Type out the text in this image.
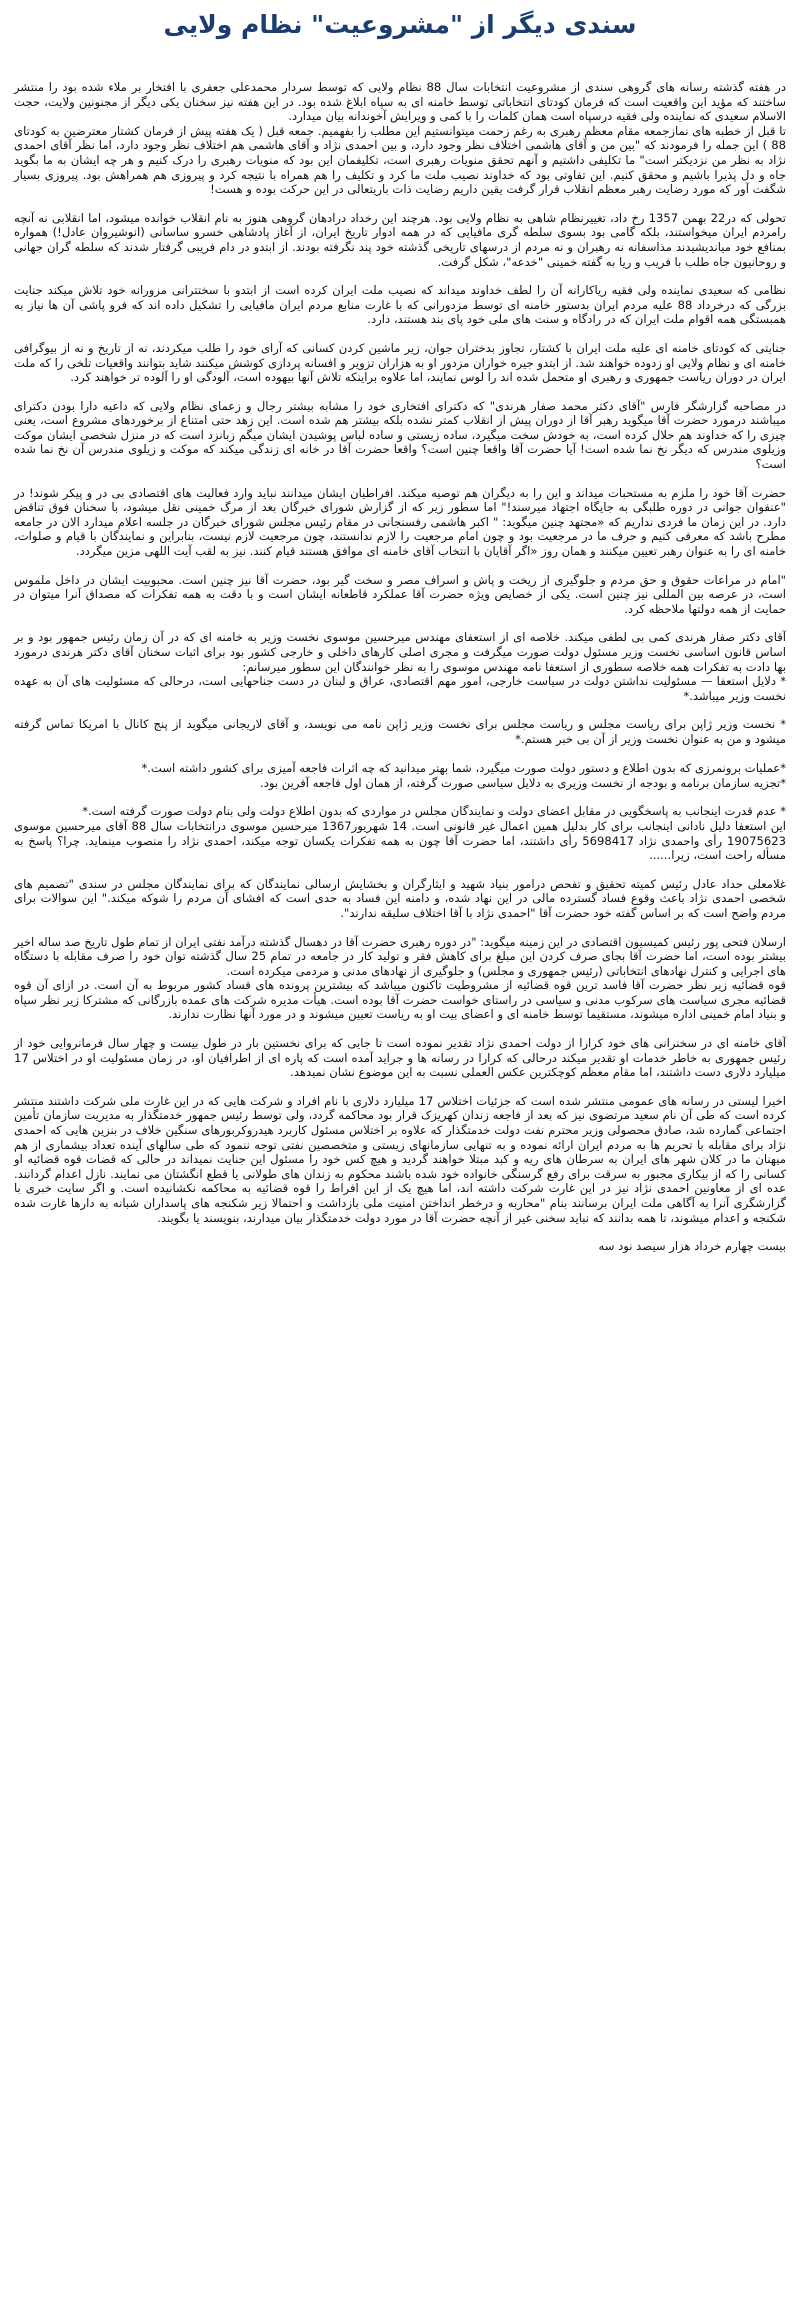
سندی دیگر از "مشروعیت" نظام ولایی

در هفته گذشته رسانه های گروهی سندی از مشروعیت انتخابات سال 88 نظام ولایی که توسط سردار محمدعلی جعفری با افتخار بر ملاء شده بود را منتشر ساختند که مؤید این واقعیت است که فرمان کودتای انتخاباتی توسط خامنه ای به سپاه ابلاغ شده بود. در این هفته نیز سخنان یکی دیگر از مجنونین ولایت، حجت الاسلام سعیدی که نماینده ولی فقیه درسپاه است همان کلمات را با کمی و ویرایش آخوندانه بیان میدارد.
تا قبل از خطبه های نمازجمعه مقام معظم رهبری به رغم زحمت میتوانستیم این مطلب را بفهمیم. جمعه قبل ( یک هفته پیش از فرمان کشتار معترضین به کودتای 88 ) این جمله را فرمودند که "بین من و آقای هاشمی اختلاف نظر وجود دارد، و بین احمدی نژاد و آقای هاشمی هم اختلاف نظر وجود دارد، اما نظر آقای احمدی نژاد به نظر من نزدیکتر است" ما تکلیفی داشتیم و آنهم تحقق منویات رهبری است، تکلیفمان این بود که منویات رهبری را درک کنیم و هر چه ایشان به ما بگوید جاه و دل پذیرا باشیم و محقق کنیم. این تفاوتی بود که خداوند نصیب ملت ما کرد و تکلیف را هم همراه با نتیجه کرد و پیروزی هم همراهش بود. پیروزی بسیار شگفت آور که مورد رضایت رهبر معظم انقلاب قرار گرفت یقین داریم رضایت ذات باریتعالی در این حرکت بوده و هست!

تحولی که در22 بهمن 1357 رخ داد، تغییرنظام شاهی به نظام ولایی بود. هرچند این رخداد درادهان گروهی هنوز به نام انقلاب خوانده میشود، اما انقلابی نه آنچه رامردم ایران میخواستند، بلکه گامی بود بسوی سلطه گری مافیایی که در همه ادوار تاریخ ایران، از آغاز پادشاهی خسرو ساسانی (انوشیروان عادل!) همواره بمنافع خود میاندیشیدند مذاسفانه نه رهبران و نه مردم از درسهای تاریخی گذشته خود پند نگرفته بودند. از ابتدو در دام فریبی گرفتار شدند که سلطه گران جهانی و روحانیون جاه طلب با فریب و ریا به گفته خمینی "خدعه"، شکل گرفت.

نظامی که سعیدی نماینده ولی فقیه ریاکارانه آن را لطف خداوند میداند که نصیب ملت ایران کرده است از ابتدو با سختترانی مزورانه خود تلاش میکند جنایت بزرگی که درخرداد 88 علیه مردم ایران بدستور خامنه ای توسط مزدورانی که با غارت منابع مردم ایران مافیایی را تشکیل داده اند که فرو پاشی آن ها نیاز به همبستگی همه اقوام ملت ایران که در رادگاه و سنت های ملی خود پای بند هستند، دارد.

جنایتی که کودتای خامنه ای علیه ملت ایران با کشتار، تجاوز بدختران جوان، زیر ماشین کردن کسانی که آرای خود را طلب میکردند، نه از تاریخ و نه از بیوگرافی خامنه ای و نظام ولایی او زدوده خواهند شد. از ابتدو جیره خواران مزدور او به هزاران تزویر و افسانه پردازی کوشش میکنند شاید بتوانند واقعیات تلخی را که ملت ایران در دوران ریاست جمهوری و رهبری او متحمل شده اند را لوس نمایند، اما علاوه براینکه تلاش آنها بیهوده است، آلودگی او را آلوده تر خواهند کرد.

در مصاحبه گزارشگر فارس "آقای دکتر محمد صفار هرندی" که دکترای افتخاری خود را مشابه بیشتر رجال و زعمای نظام ولایی که داعیه دارا بودن دکترای میباشند درمورد حضرت آقا میگوید رهبر آقا از دوران پیش از انقلاب کمتر نشده بلکه بیشتر هم شده است. این زهد حتی امتناع از برخوردهای مشروع است، یعنی چیزی را که خداوند هم حلال کرده است، به خودش سخت میگیرد، ساده زیستی و ساده لباس پوشیدن ایشان میگم زبانزد است که در منزل شخصی ایشان موکت وزیلوی مندرس که دیگر نخ نما شده است! آیا حضرت آقا واقعا چنین است؟ واقعا حضرت آقا در خانه ای زندگی میکند که موکت و زیلوی مندرس آن نخ نما شده است؟

حضرت آقا خود را ملزم به مستحبات میداند و این را به دیگران هم توصیه میکند. افراطیان ایشان میدانند نباید وارد فعالیت های اقتصادی بی در و پیکر شوند! در "عنفوان جوانی در دوره طلبگی به جایگاه اجتهاد میرسند!" اما سطور زیر که از گزارش شورای خبرگان بعد از مرگ خمینی نقل میشود، با سخنان فوق تناقض دارد. در این زمان ما فردی نداریم که «مجتهد چنین میگوید: " اکبر هاشمی رفسنجانی در مقام رئیس مجلس شورای خبرگان در جلسه اعلام میدارد الان در جامعه مطرح باشد که معرفی کنیم و حرف ما در مرجعیت بود و چون امام مرجعیت را لازم ندانستند، چون مرجعیت لازم نیست، بنابراین و نمایندگان با قیام و صلوات، خامنه ای را به عنوان رهبر تعیین میکنند و همان روز «اگر آقایان با انتخاب آقای خامنه ای موافق هستند قیام کنند. نیز به لقب آیت اللهی مزین میگردد.

"امام در مراعات حقوق و حق مردم و جلوگیری از ریخت و پاش و اسراف مصر و سخت گیر بود، حضرت آقا نیز چنین است. محبوبیت ایشان در داخل ملموس است، در عرصه بین المللی نیز چنین است. یکی از خصایص ویژه حضرت آقا عملکرد قاطعانه ایشان است و با دقت به همه تفکرات که مصداق آنرا میتوان در حمایت از همه دولتها ملاحظه کرد.

آقای دکتر صفار هرندی کمی بی لطفی میکند. خلاصه ای از استعفای مهندس میرحسین موسوی نخست وزیر به خامنه ای که در آن زمان رئیس جمهور بود و بر اساس قانون اساسی نخست وزیر مسئول دولت صورت میگرفت و مجری اصلی کارهای داخلی و خارجی کشور بود برای اثبات سخنان آقای دکتر هرندی درمورد بها دادت به تفکرات همه خلاصه سطوری از استعفا نامه مهندس موسوی را به نظر خوانندگان این سطور میرسانم:
* دلایل استعفا — مسئولیت نداشتن دولت در سیاست خارجی، امور مهم اقتصادی، عراق و لبنان در دست جناحهایی است، درحالی که مسئولیت های آن به عهده نخست وزیر میباشد.*

* نخست وزیر ژاپن برای ریاست مجلس و ریاست مجلس برای نخست وزیر ژاپن نامه می نویسد، و آقای لاریجانی میگوید از پنج کانال با امریکا تماس گرفته میشود و من به عنوان نخست وزیر از آن بی خبر هستم.*

*عملیات برونمرزی که بدون اطلاع و دستور دولت صورت میگیرد، شما بهتر میدانید که چه اثرات فاجعه آمیزی برای کشور داشته است.*
*تجزیه سازمان برنامه و بودجه از نخست وزیری به دلایل سیاسی صورت گرفته، از همان اول فاجعه آفرین بود.

* عدم قدرت اینجانب به پاسخگویی در مقابل اعضای دولت و نمایندگان مجلس در مواردی که بدون اطلاع دولت ولی بنام دولت صورت گرفته است.*
این استعفا دلیل نادانی اینجانب برای کار بدلیل همین اعمال غیر قانونی است. 14 شهریور1367 میرحسین موسوی درانتخابات سال 88 آقای میرحسین موسوی 19075623 رأی واحمدی نژاد 5698417 رأی داشتند، اما حضرت آقا چون به همه تفکرات یکسان توجه میکند، احمدی نژاد را منصوب مینماید. چرا؟ پاسخ به مسأله راحت است، زیرا......

غلامعلی حداد عادل رئیس کمیته تحقیق و تفحص درامور بنیاد شهید و ایثارگران و بخشایش ارسالی نمایندگان که برای نمایندگان مجلس در سندی "تصمیم های شخصی احمدی نژاد باعث وقوع فساد گسترده مالی در این نهاد شده، و دامنه این فساد به حدی است که افشای آن مردم را شوکه میکند." این سوالات برای مردم واضح است که بر اساس گفته خود حضرت آقا "احمدی نژاد با آقا اختلاف سلیقه ندارند".

ارسلان فتحی پور رئیس کمیسیون اقتصادی در این زمینه میگوید: "در دوره رهبری حضرت آقا در دهسال گذشته درآمد نفتی ایران از تمام طول تاریخ صد ساله اخیر بیشتر بوده است، اما حضرت آقا بجای صرف کردن این مبلغ برای کاهش فقر و تولید کار در جامعه در تمام 25 سال گذشته توان خود را صرف مقابله با دستگاه های اجرایی و کنترل نهادهای انتخاباتی (رئیس جمهوری و مجلس) و جلوگیری از نهادهای مدنی و مردمی میکرده است.
قوه قضائیه زیر نظر حضرت آقا فاسد ترین قوه قضائیه از مشروطیت تاکنون میباشد که بیشترین پرونده های فساد کشور مربوط به آن است. در ازای آن قوه قضائیه مجری سیاست های سرکوب مدنی و سیاسی در راستای خواست حضرت آقا بوده است. هیأت مدیره شرکت های عمده بازرگانی که مشترکا زیر نظر سپاه و بنیاد امام خمینی اداره میشوند، مستقیما توسط خامنه ای و اعضای بیت او به ریاست تعیین میشوند و در مورد آنها نظارت ندارند.

آقای خامنه ای در سخنرانی های خود کرارا از دولت احمدی نژاد تقدیر نموده است تا جایی که برای نخستین بار در طول بیست و چهار سال فرمانروایی خود از رئیس جمهوری به خاطر خدمات او تقدیر میکند درحالی که کرارا در رسانه ها و جراید آمده است که پاره ای از اطرافیان او، در زمان مسئولیت او در اختلاس 17 میلیارد دلاری دست داشتند، اما مقام معظم کوچکترین عکس العملی نسبت به این موضوع نشان نمیدهد.

اخیرا لیستی در رسانه های عمومی منتشر شده است که جزئیات اختلاس 17 میلیارد دلاری با نام افراد و شرکت هایی که در این غارت ملی شرکت داشتند منتشر کرده است که طی آن نام سعید مرتضوی نیز که بعد از فاجعه زندان کهریزک قرار بود محاکمه گردد، ولی توسط رئیس جمهور خدمتگذار به مدیریت سازمان تأمین اجتماعی گمارده شد، صادق محصولی وزیر محترم نفت دولت خدمتگذار که علاوه بر اختلاس مسئول کاربرد هیدروکربورهای سنگین خلاف در بنزین هایی که احمدی نژاد برای مقابله با تحریم ها به مردم ایران ارائه نموده و به تنهایی سازمانهای زیستی و متخصصین نفتی توجه ننمود که طی سالهای آینده تعداد بیشماری از هم میهنان ما در کلان شهر های ایران به سرطان های ریه و کبد مبتلا خواهند گردید و هیچ کس خود را مسئول این جنایت نمیداند در حالی که قضات قوه قضائیه او کسانی را که از بیکاری مجبور به سرقت برای رفع گرسنگی خانواده خود شده باشند محکوم به زندان های طولانی یا قطع انگشتان می نمایند. نازل اعدام گردانند. عده ای از معاونین احمدی نژاد نیز در این غارت شرکت داشته اند، اما هیچ یک از این افراط را قوه قضائیه به محاکمه نکشانیده است. و اگر سایت خبری با گزارشگری آنرا به آگاهی ملت ایران برسانند بنام "محاربه و درخطر انداختن امنیت ملی بازداشت و احتمالا زیر شکنجه های پاسداران شبانه به دارها غارت شده شکنجه و اعدام میشوند، تا همه بدانند که نباید سخنی غیر از آنچه حضرت آقا در مورد دولت خدمتگذار بیان میدارند، بنویسند یا بگویند.

بیست چهارم خرداد هزار سیصد نود سه
